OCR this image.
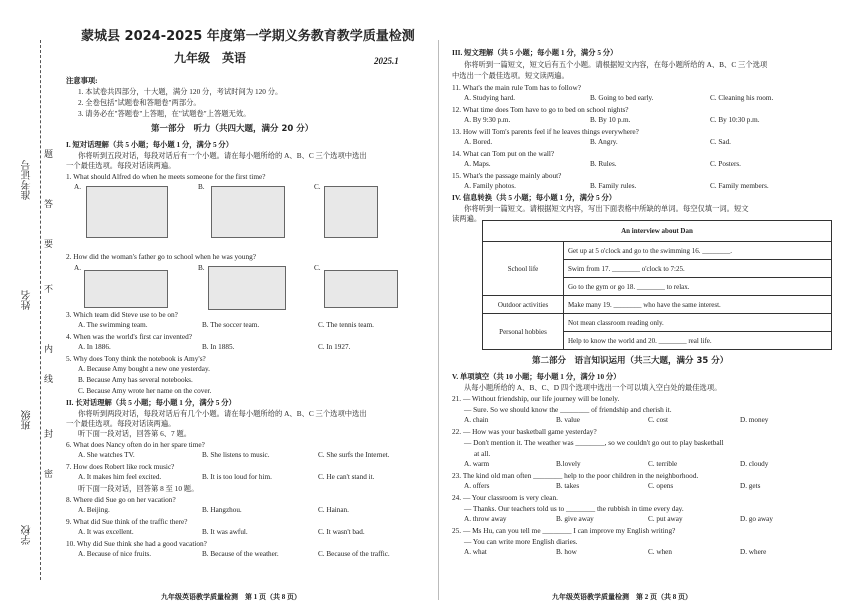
准考证号
姓名
班级
学校
题
答
要
不
内
线
封
密
蒙城县 2024-2025 年度第一学期义务教育教学质量检测
九年级　英语	2025.1
注意事项:
1. 本试卷共四部分，十大题，满分 120 分，考试时间为 120 分。
2. 全卷包括"试题卷和答题卷"两部分。
3. 请务必在"答题卷"上答题，在"试题卷"上答题无效。
第一部分　听力（共四大题，满分 20 分）
I. 短对话理解（共 5 小题；每小题 1 分，满分 5 分）
你将听到五段对话，每段对话后有一个小题。请在每小题所给的 A、B、C 三个选项中选出
一个最佳选项。每段对话读两遍。
1. What should Alfred do when he meets someone for the first time?
A.	B.	C.
2. How did the woman's father go to school when he was young?
A.	B.	C.
3. Which team did Steve use to be on?
A. The swimming team.	B. The soccer team.	C. The tennis team.
4. When was the world's first car invented?
A. In 1886.	B. In 1885.	C. In 1927.
5. Why does Tony think the notebook is Amy's?
A. Because Amy bought a new one yesterday.
B. Because Amy has several notebooks.
C. Because Amy wrote her name on the cover.
II. 长对话理解（共 5 小题；每小题 1 分，满分 5 分）
你将听到两段对话，每段对话后有几个小题。请在每小题所给的 A、B、C 三个选项中选出
一个最佳选项。每段对话读两遍。
听下面一段对话，回答第 6、7 题。
6. What does Nancy often do in her spare time?
A. She watches TV.	B. She listens to music.	C. She surfs the Internet.
7. How does Robert like rock music?
A. It makes him feel excited.	B. It is too loud for him.	C. He can't stand it.
听下面一段对话，回答第 8 至 10 题。
8. Where did Sue go on her vacation?
A. Beijing.	B. Hangzhou.	C. Hainan.
9. What did Sue think of the traffic there?
A. It was excellent.	B. It was awful.	C. It wasn't bad.
10. Why did Sue think she had a good vacation?
A. Because of nice fruits.	B. Because of the weather.	C. Because of the traffic.
九年级英语教学质量检测　第 1 页（共 8 页）
III. 短文理解（共 5 小题；每小题 1 分，满分 5 分）
你将听到一篇短文，短文后有五个小题。请根据短文内容，在每小题所给的 A、B、C 三个选项
中选出一个最佳选项。短文读两遍。
11. What's the main rule Tom has to follow?
A. Studying hard.	B. Going to bed early.	C. Cleaning his room.
12. What time does Tom have to go to bed on school nights?
A. By 9:30 p.m.	B. By 10 p.m.	C. By 10:30 p.m.
13. How will Tom's parents feel if he leaves things everywhere?
A. Bored.	B. Angry.	C. Sad.
14. What can Tom put on the wall?
A. Maps.	B. Rules.	C. Posters.
15. What's the passage mainly about?
A. Family photos.	B. Family rules.	C. Family members.
IV. 信息转换（共 5 小题；每小题 1 分，满分 5 分）
你将听到一篇短文。请根据短文内容，写出下面表格中所缺的单词。每空仅填一词。短文
读两遍。
An interview about Dan	
School life	Get up at 5 o'clock and go to the swimming 16. ________.
	Swim from 17. ________ o'clock to 7:25.
	Go to the gym or go 18. ________ to relax.
Outdoor activities	Make many 19. ________ who have the same interest.
Personal hobbies	Not mean classroom reading only.
	Help to know the world and 20. ________ real life.
第二部分　语言知识运用（共三大题，满分 35 分）
V. 单项填空（共 10 小题；每小题 1 分，满分 10 分）
从每小题所给的 A、B、C、D 四个选项中选出一个可以填入空白处的最佳选项。
21. — Without friendship, our life journey will be lonely.
— Sure. So we should know the ________ of friendship and cherish it.
A. chain	B. value	C. cost	D. money
22. — How was your basketball game yesterday?
— Don't mention it. The weather was ________, so we couldn't go out to play basketball
at all.
A. warm	B.lovely	C. terrible	D. cloudy
23. The kind old man often ________ help to the poor children in the neighborhood.
A. offers	B. takes	C. opens	D. gets
24. — Your classroom is very clean.
— Thanks. Our teachers told us to ________ the rubbish in time every day.
A. throw away	B. give away	C. put away	D. go away
25. — Ms Hu, can you tell me ________ I can improve my English writing?
— You can write more English diaries.
A. what	B. how	C. when	D. where
九年级英语教学质量检测　第 2 页（共 8 页）
